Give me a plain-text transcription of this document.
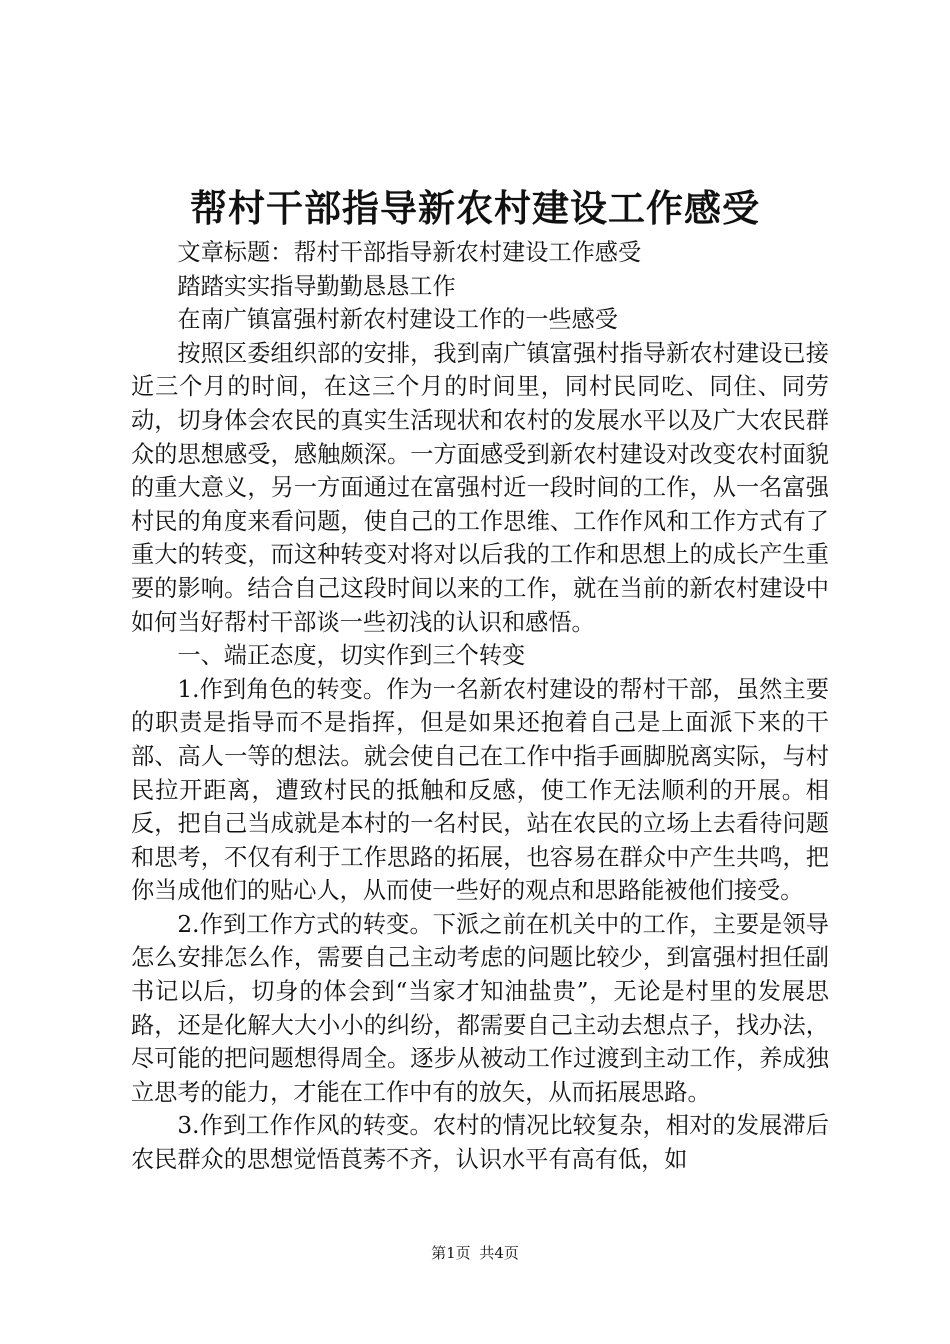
帮村干部指导新农村建设工作感受

文章标题：帮村干部指导新农村建设工作感受

踏踏实实指导勤勤恳恳工作

在南广镇富强村新农村建设工作的一些感受

按照区委组织部的安排，我到南广镇富强村指导新农村建设已接近三个月的时间，在这三个月的时间里，同村民同吃、同住、同劳动，切身体会农民的真实生活现状和农村的发展水平以及广大农民群众的思想感受，感触颇深。一方面感受到新农村建设对改变农村面貌的重大意义，另一方面通过在富强村近一段时间的工作，从一名富强村民的角度来看问题，使自己的工作思维、工作作风和工作方式有了重大的转变，而这种转变对将对以后我的工作和思想上的成长产生重要的影响。结合自己这段时间以来的工作，就在当前的新农村建设中如何当好帮村干部谈一些初浅的认识和感悟。

一、端正态度，切实作到三个转变

1.作到角色的转变。作为一名新农村建设的帮村干部，虽然主要的职责是指导而不是指挥，但是如果还抱着自己是上面派下来的干部、高人一等的想法。就会使自己在工作中指手画脚脱离实际，与村民拉开距离，遭致村民的抵触和反感，使工作无法顺利的开展。相反，把自己当成就是本村的一名村民，站在农民的立场上去看待问题和思考，不仅有利于工作思路的拓展，也容易在群众中产生共鸣，把你当成他们的贴心人，从而使一些好的观点和思路能被他们接受。

2.作到工作方式的转变。下派之前在机关中的工作，主要是领导怎么安排怎么作，需要自己主动考虑的问题比较少，到富强村担任副书记以后，切身的体会到“当家才知油盐贵”，无论是村里的发展思路，还是化解大大小小的纠纷，都需要自己主动去想点子，找办法，尽可能的把问题想得周全。逐步从被动工作过渡到主动工作，养成独立思考的能力，才能在工作中有的放矢，从而拓展思路。

3.作到工作作风的转变。农村的情况比较复杂，相对的发展滞后农民群众的思想觉悟莨莠不齐，认识水平有高有低，如

第1页 共4页
